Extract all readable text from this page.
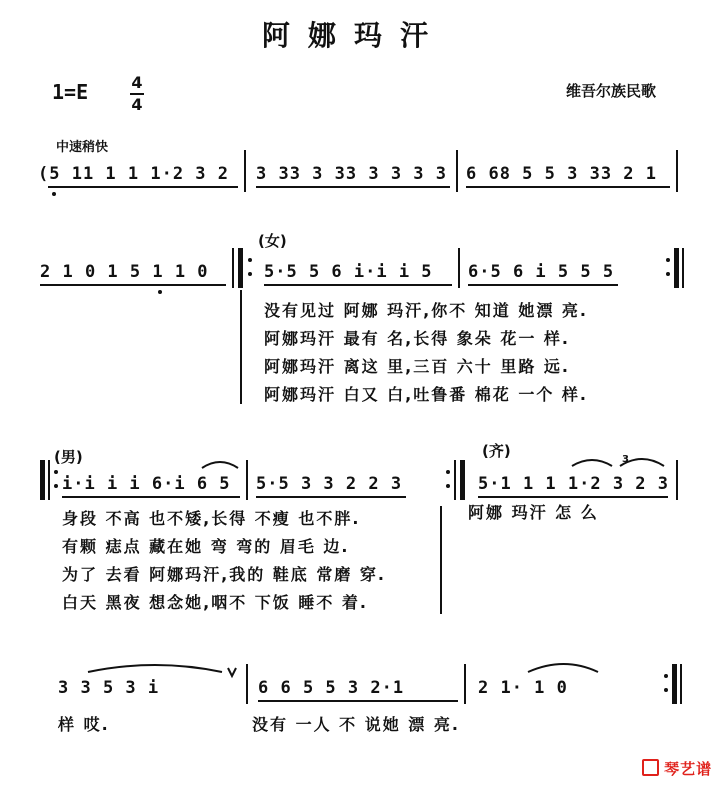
阿娜玛汗
1=E	4
4
维吾尔族民歌
中速稍快
(5 11 1 1 1·2 3 2 3 33 3 33 3 3 3 3 6 68 5 5 3 33 2 1
(女)
2 1 0 1 5 1 1 0	5·5 5 6 i·i i 5 6·5 6 i 5 5 5
没有见过 阿娜 玛汗,你不 知道 她漂 亮.
阿娜玛汗 最有 名,长得 象朵 花一 样.
阿娜玛汗 离这 里,三百 六十 里路 远.
阿娜玛汗 白又 白,吐鲁番 棉花 一个 样.
(男)	(齐)	3
i·i i i 6·i 6 5 5·5 3 3 2 2 3	5·1 1 1 1·2 3 2 3
身段 不高 也不矮,长得 不瘦 也不胖.
有颗 痣点 藏在她 弯 弯的 眉毛 边.
为了 去看 阿娜玛汗,我的 鞋底 常磨 穿.
白天 黑夜 想念她,咽不 下饭 睡不 着.
阿娜 玛汗 怎 么
3 3 5 3 i	6 6 5 5 3 2·1	2 1· 1 0
样 哎.	没有 一人 不 说她 漂 亮.
琴艺谱
